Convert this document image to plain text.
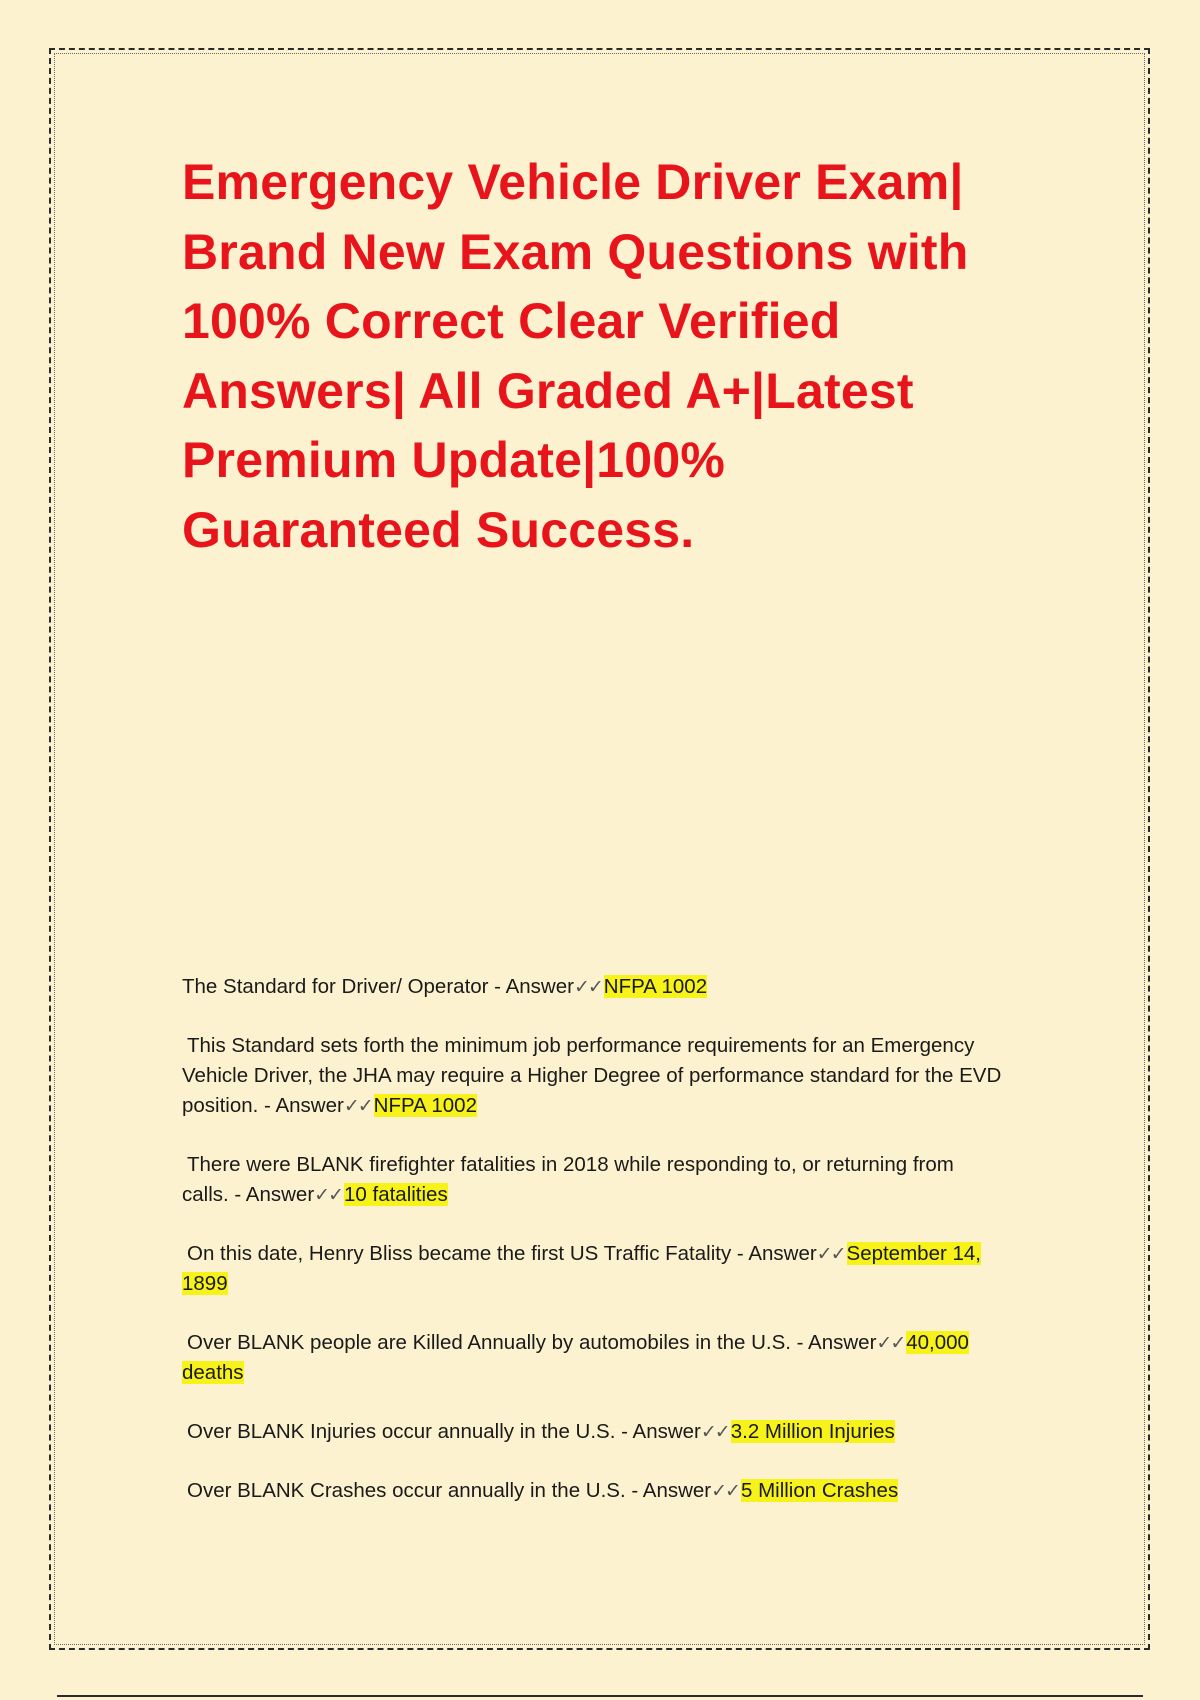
Emergency Vehicle Driver Exam| Brand New Exam Questions with 100% Correct Clear Verified Answers| All Graded A+|Latest Premium Update|100% Guaranteed Success.
The Standard for Driver/ Operator - Answer✓✓NFPA 1002
This Standard sets forth the minimum job performance requirements for an Emergency Vehicle Driver, the JHA may require a Higher Degree of performance standard for the EVD position. - Answer✓✓NFPA 1002
There were BLANK firefighter fatalities in 2018 while responding to, or returning from calls. - Answer✓✓10 fatalities
On this date, Henry Bliss became the first US Traffic Fatality - Answer✓✓September 14, 1899
Over BLANK people are Killed Annually by automobiles in the U.S. - Answer✓✓40,000 deaths
Over BLANK Injuries occur annually in the U.S. - Answer✓✓3.2 Million Injuries
Over BLANK Crashes occur annually in the U.S. - Answer✓✓5 Million Crashes
